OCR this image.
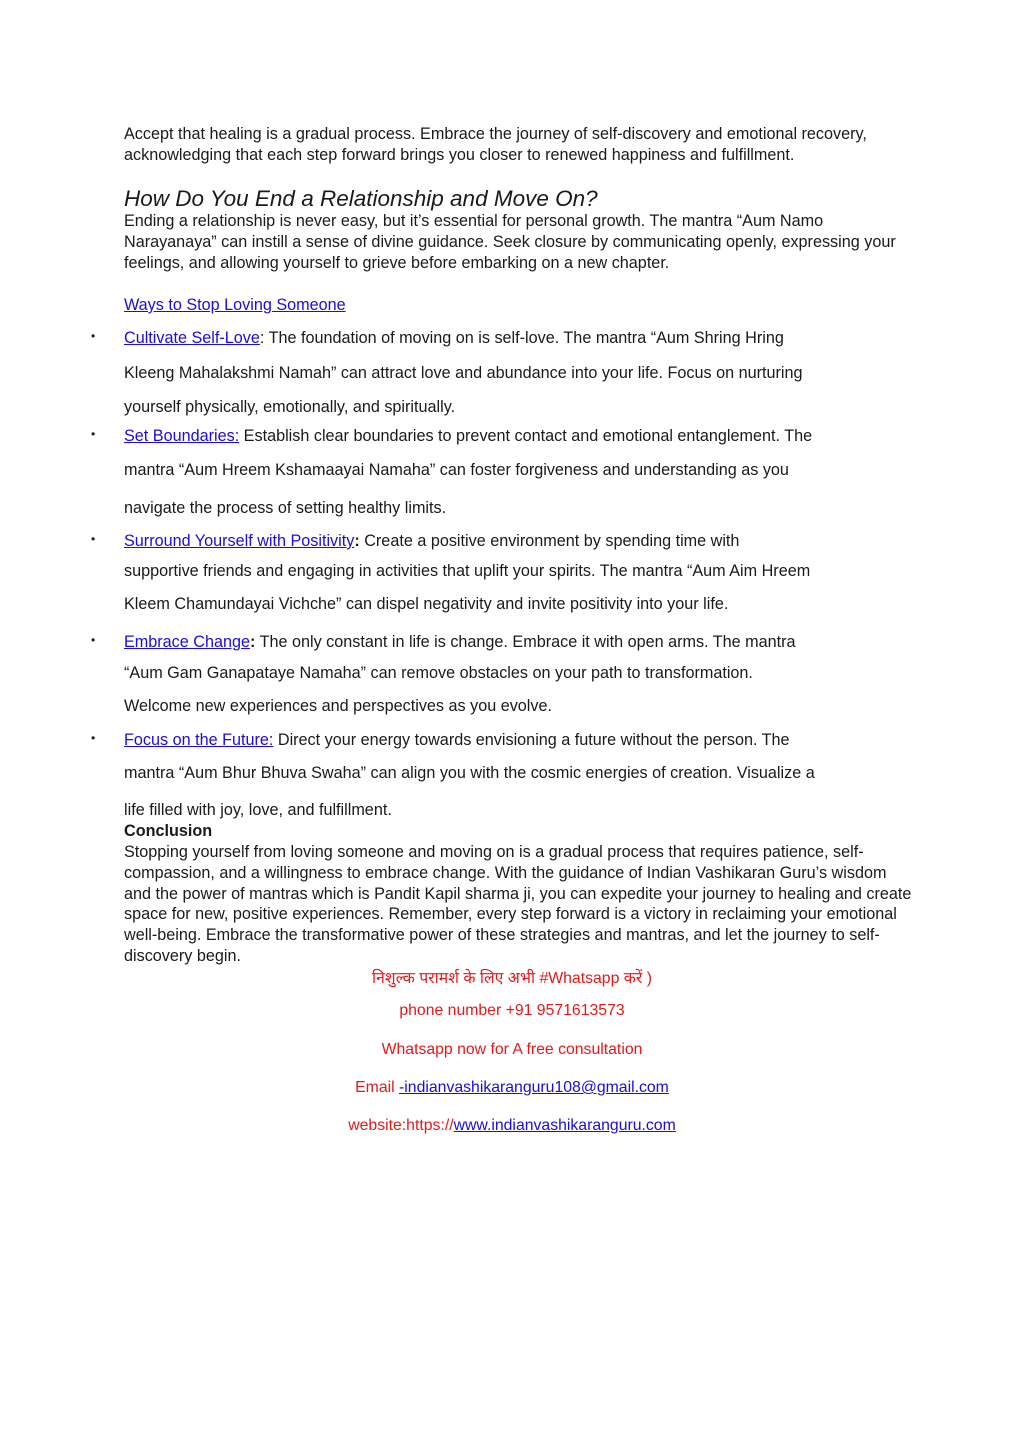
Accept that healing is a gradual process. Embrace the journey of self-discovery and emotional recovery, acknowledging that each step forward brings you closer to renewed happiness and fulfillment.
How Do You End a Relationship and Move On?
Ending a relationship is never easy, but it’s essential for personal growth. The mantra “Aum Namo Narayanaya” can instill a sense of divine guidance. Seek closure by communicating openly, expressing your feelings, and allowing yourself to grieve before embarking on a new chapter.
Ways to Stop Loving Someone
• Cultivate Self-Love: The foundation of moving on is self-love. The mantra “Aum Shring Hring
Kleeng Mahalakshmi Namah” can attract love and abundance into your life. Focus on nurturing
yourself physically, emotionally, and spiritually.
• Set Boundaries: Establish clear boundaries to prevent contact and emotional entanglement. The
mantra “Aum Hreem Kshamaayai Namaha” can foster forgiveness and understanding as you
navigate the process of setting healthy limits.
• Surround Yourself with Positivity: Create a positive environment by spending time with
supportive friends and engaging in activities that uplift your spirits. The mantra “Aum Aim Hreem
Kleem Chamundayai Vichche” can dispel negativity and invite positivity into your life.
• Embrace Change: The only constant in life is change. Embrace it with open arms. The mantra
“Aum Gam Ganapataye Namaha” can remove obstacles on your path to transformation.
Welcome new experiences and perspectives as you evolve.
• Focus on the Future: Direct your energy towards envisioning a future without the person. The
mantra “Aum Bhur Bhuva Swaha” can align you with the cosmic energies of creation. Visualize a
life filled with joy, love, and fulfillment.
Conclusion
Stopping yourself from loving someone and moving on is a gradual process that requires patience, self-compassion, and a willingness to embrace change. With the guidance of Indian Vashikaran Guru’s wisdom and the power of mantras which is Pandit Kapil sharma ji, you can expedite your journey to healing and create space for new, positive experiences. Remember, every step forward is a victory in reclaiming your emotional well-being. Embrace the transformative power of these strategies and mantras, and let the journey to self-discovery begin.
निशुल्क परामर्श के लिए अभी #Whatsapp करें )
phone number +91 9571613573
Whatsapp now for A free consultation
Email -indianvashikaranguru108@gmail.com
website:https://www.indianvashikaranguru.com
